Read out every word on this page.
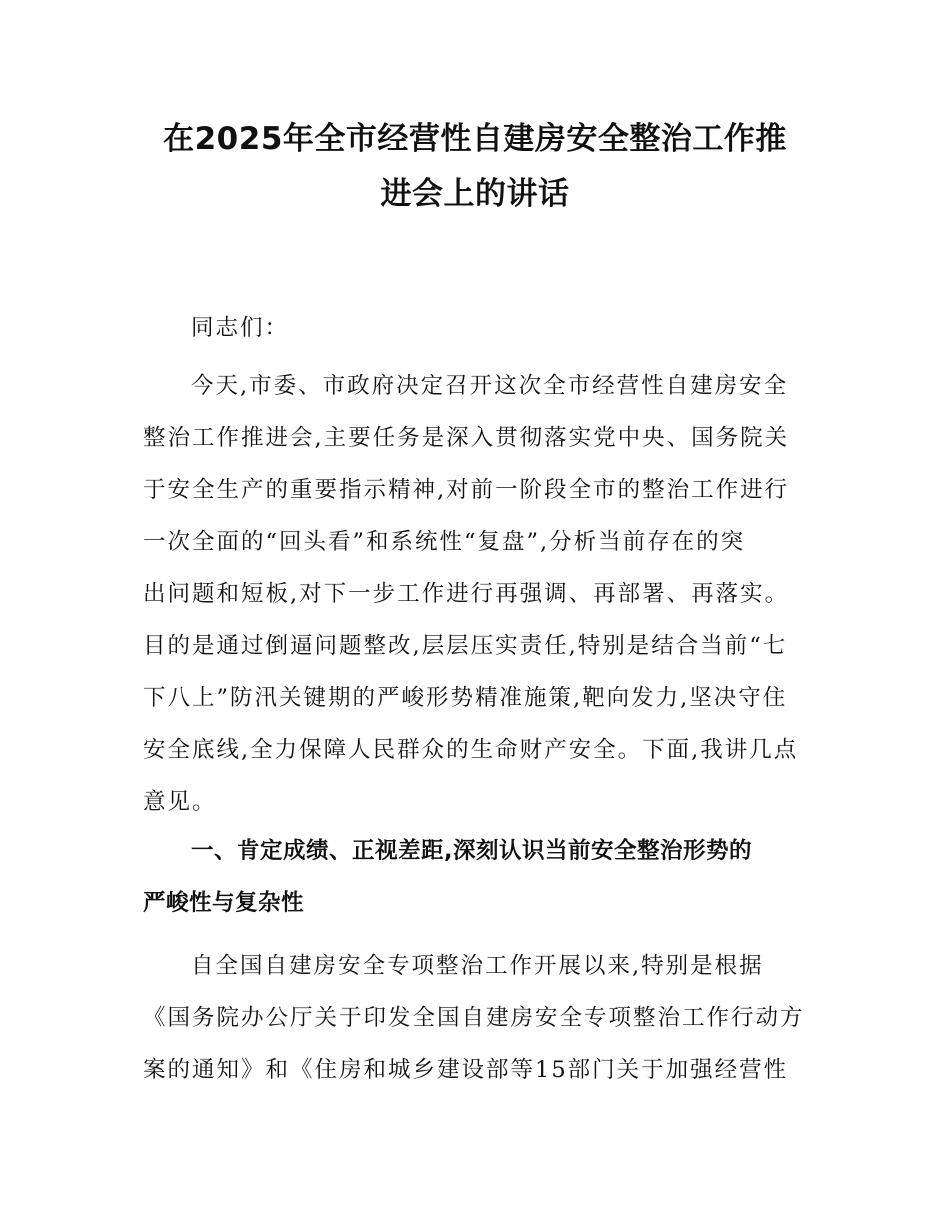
在2025年全市经营性自建房安全整治工作推
进会上的讲话
同志们：
今天,市委、市政府决定召开这次全市经营性自建房安全
整治工作推进会,主要任务是深入贯彻落实党中央、国务院关
于安全生产的重要指示精神,对前一阶段全市的整治工作进行
一次全面的“回头看”和系统性“复盘”,分析当前存在的突
出问题和短板,对下一步工作进行再强调、再部署、再落实。
目的是通过倒逼问题整改,层层压实责任,特别是结合当前“七
下八上”防汛关键期的严峻形势精准施策,靶向发力,坚决守住
安全底线,全力保障人民群众的生命财产安全。下面,我讲几点
意见。
一、肯定成绩、正视差距,深刻认识当前安全整治形势的
严峻性与复杂性
自全国自建房安全专项整治工作开展以来,特别是根据
《国务院办公厅关于印发全国自建房安全专项整治工作行动方
案的通知》和《住房和城乡建设部等15部门关于加强经营性
